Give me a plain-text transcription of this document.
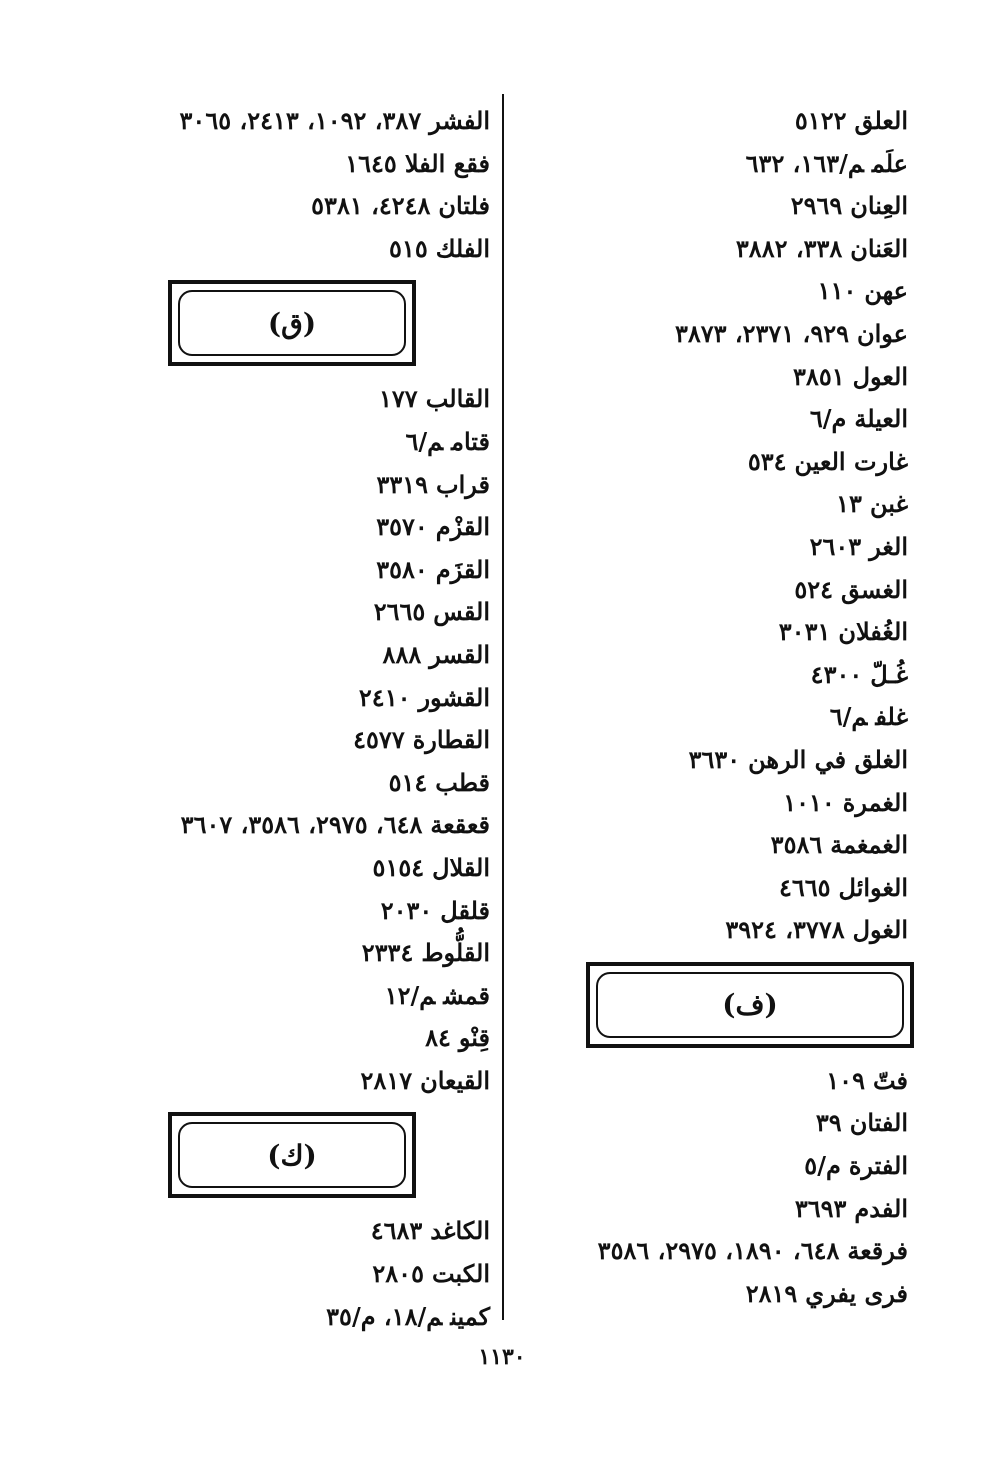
العلق٥١٢٢
علَمم/١٦٣، ٦٣٢
العِنان٢٩٦٩
العَنان٣٣٨، ٣٨٨٢
عهن١١٠
عوان٩٢٩، ٢٣٧١، ٣٨٧٣
العول٣٨٥١
العيلةم/٦
غارت العين٥٣٤
غبن١٣
الغر٢٦٠٣
الغسق٥٢٤
الغُفلان٣٠٣١
غُـلّ٤٣٠٠
غلفم/٦
الغلق في الرهن٣٦٣٠
الغمرة١٠١٠
الغمغمة٣٥٨٦
الغوائل٤٦٦٥
الغول٣٧٧٨، ٣٩٢٤
(ف)
فتّ١٠٩
الفتان٣٩
الفترةم/٥
الفدم٣٦٩٣
فرقعة٦٤٨، ١٨٩٠، ٢٩٧٥، ٣٥٨٦
فرى يفري٢٨١٩
الفشر٣٨٧، ١٠٩٢، ٢٤١٣، ٣٠٦٥
فقع الفلا١٦٤٥
فلتان٤٢٤٨، ٥٣٨١
الفلك٥١٥
(ق)
القالب١٧٧
قتامم/٦
قراب٣٣١٩
القزْم٣٥٧٠
القزَم٣٥٨٠
القس٢٦٦٥
القسر٨٨٨
القشور٢٤١٠
القطارة٤٥٧٧
قطب٥١٤
قعقعة٦٤٨، ٢٩٧٥، ٣٥٨٦، ٣٦٠٧
القلال٥١٥٤
قلقل٢٠٣٠
القلُّوط٢٣٣٤
قمشم/١٢
قِنْو٨٤
القيعان٢٨١٧
(ك)
الكاغد٤٦٨٣
الكبت٢٨٠٥
كمينم/١٨، م/٣٥
١١٣٠
